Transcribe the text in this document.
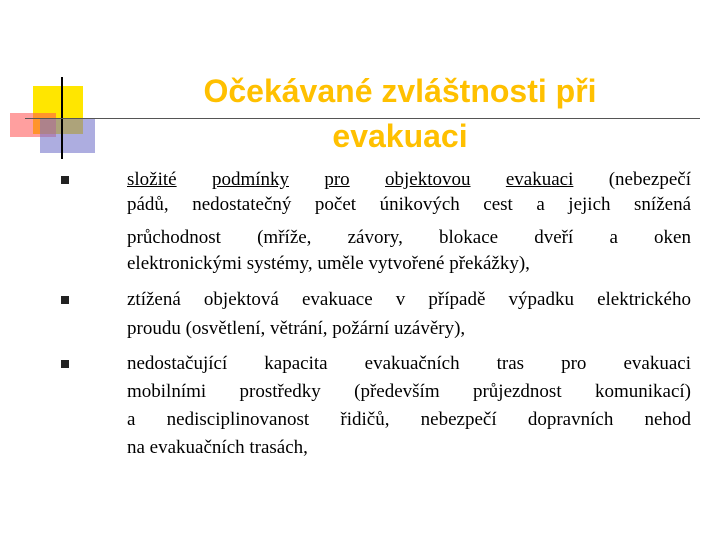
Očekávané zvláštnosti při
evakuaci

složité podmínky pro objektovou evakuaci (nebezpečí

pádů, nedostatečný počet únikových cest a jejich snížená

průchodnost (mříže, závory, blokace dveří a oken

elektronickými systémy, uměle vytvořené překážky),

ztížená objektová evakuace v případě výpadku elektrického

proudu (osvětlení, větrání, požární uzávěry),

nedostačující kapacita evakuačních tras pro evakuaci

mobilními prostředky (především průjezdnost komunikací)

a nedisciplinovanost řidičů, nebezpečí dopravních nehod

na evakuačních trasách,
